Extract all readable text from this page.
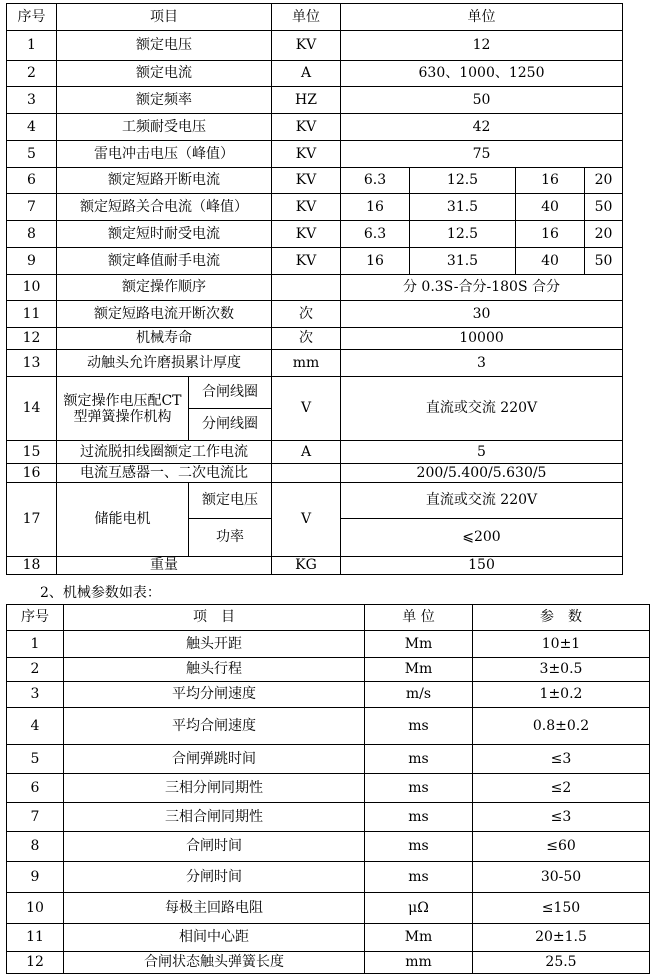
序号	项目		单位	单位			
1	额定电压		KV	12			
2	额定电流		A	630、1000、1250			
3	额定频率		HZ	50			
4	工频耐受电压		KV	42			
5	雷电冲击电压（峰值）		KV	75			
6	额定短路开断电流		KV	6.3	12.5	16	20
7	额定短路关合电流（峰值）		KV	16	31.5	40	50
8	额定短时耐受电流		KV	6.3	12.5	16	20
9	额定峰值耐手电流		KV	16	31.5	40	50
10	额定操作顺序			分 0.3S-合分-180S 合分			
11	额定短路电流开断次数		次	30			
12	机械寿命		次	10000			
13	动触头允许磨损累计厚度		mm	3			
14	额定操作电压配CT 型弹簧操作机构	合闸线圈	V	直流或交流 220V			
		分闸线圈					
15	过流脱扣线圈额定工作电流		A	5			
16	电流互感器一、二次电流比			200/5.400/5.630/5			
17	储能电机	额定电压	V	直流或交流 220V			
		功率		⩽200			
18	重量		KG	150			
2、机械参数如表：
序号	项　目	单 位	参　数
1	触头开距	Mm	10±1
2	触头行程	Mm	3±0.5
3	平均分闸速度	m/s	1±0.2
4	平均合闸速度	ms	0.8±0.2
5	合闸弹跳时间	ms	≤3
6	三相分闸同期性	ms	≤2
7	三相合闸同期性	ms	≤3
8	合闸时间	ms	≤60
9	分闸时间	ms	30-50
10	每极主回路电阻	μΩ	≤150
11	相间中心距	Mm	20±1.5
12	合闸状态触头弹簧长度	mm	25.5
